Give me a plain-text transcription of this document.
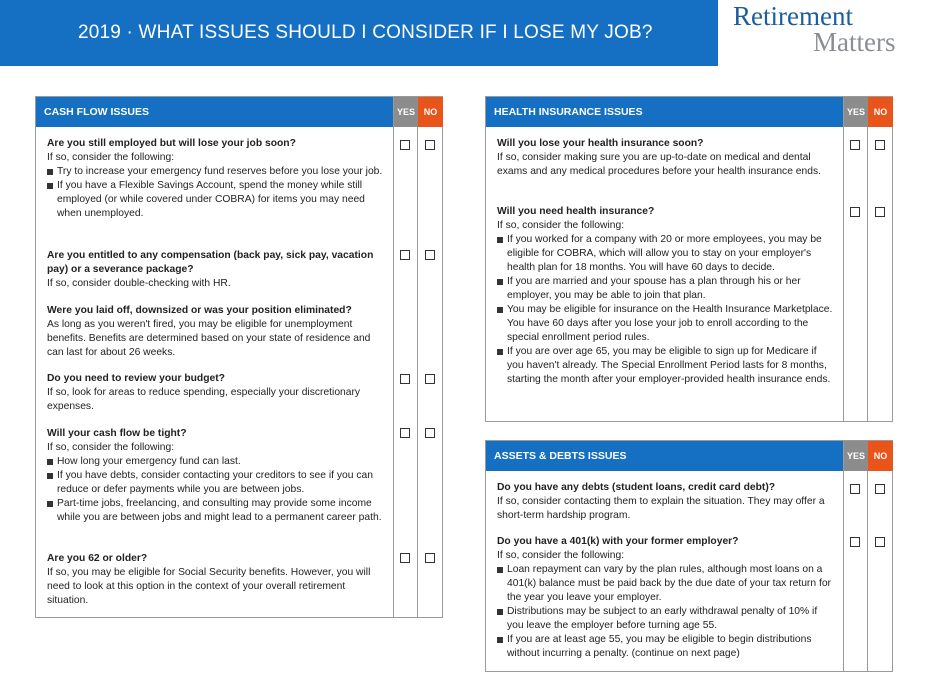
2019 · WHAT ISSUES SHOULD I CONSIDER IF I LOSE MY JOB?
Retirement
Matters
CASH FLOW ISSUES	YES NO
Are you still employed but will lose your job soon?
If so, consider the following:
Try to increase your emergency fund reserves before you lose your job.
If you have a Flexible Savings Account, spend the money while still employed (or while covered under COBRA) for items you may need when unemployed.
Are you entitled to any compensation (back pay, sick pay, vacation pay) or a severance package?
If so, consider double-checking with HR.
Were you laid off, downsized or was your position eliminated?
As long as you weren't fired, you may be eligible for unemployment benefits. Benefits are determined based on your state of residence and can last for about 26 weeks.
Do you need to review your budget?
If so, look for areas to reduce spending, especially your discretionary expenses.
Will your cash flow be tight?
If so, consider the following:
How long your emergency fund can last.
If you have debts, consider contacting your creditors to see if you can reduce or defer payments while you are between jobs.
Part-time jobs, freelancing, and consulting may provide some income while you are between jobs and might lead to a permanent career path.
Are you 62 or older?
If so, you may be eligible for Social Security benefits. However, you will need to look at this option in the context of your overall retirement situation.
HEALTH INSURANCE ISSUES	YES NO
Will you lose your health insurance soon?
If so, consider making sure you are up-to-date on medical and dental exams and any medical procedures before your health insurance ends.
Will you need health insurance?
If so, consider the following:
If you worked for a company with 20 or more employees, you may be eligible for COBRA, which will allow you to stay on your employer's health plan for 18 months. You will have 60 days to decide.
If you are married and your spouse has a plan through his or her employer, you may be able to join that plan.
You may be eligible for insurance on the Health Insurance Marketplace. You have 60 days after you lose your job to enroll according to the special enrollment period rules.
If you are over age 65, you may be eligible to sign up for Medicare if you haven't already. The Special Enrollment Period lasts for 8 months, starting the month after your employer-provided health insurance ends.
ASSETS & DEBTS ISSUES	YES NO
Do you have any debts (student loans, credit card debt)?
If so, consider contacting them to explain the situation. They may offer a short-term hardship program.
Do you have a 401(k) with your former employer?
If so, consider the following:
Loan repayment can vary by the plan rules, although most loans on a 401(k) balance must be paid back by the due date of your tax return for the year you leave your employer.
Distributions may be subject to an early withdrawal penalty of 10% if you leave the employer before turning age 55.
If you are at least age 55, you may be eligible to begin distributions without incurring a penalty. (continue on next page)
